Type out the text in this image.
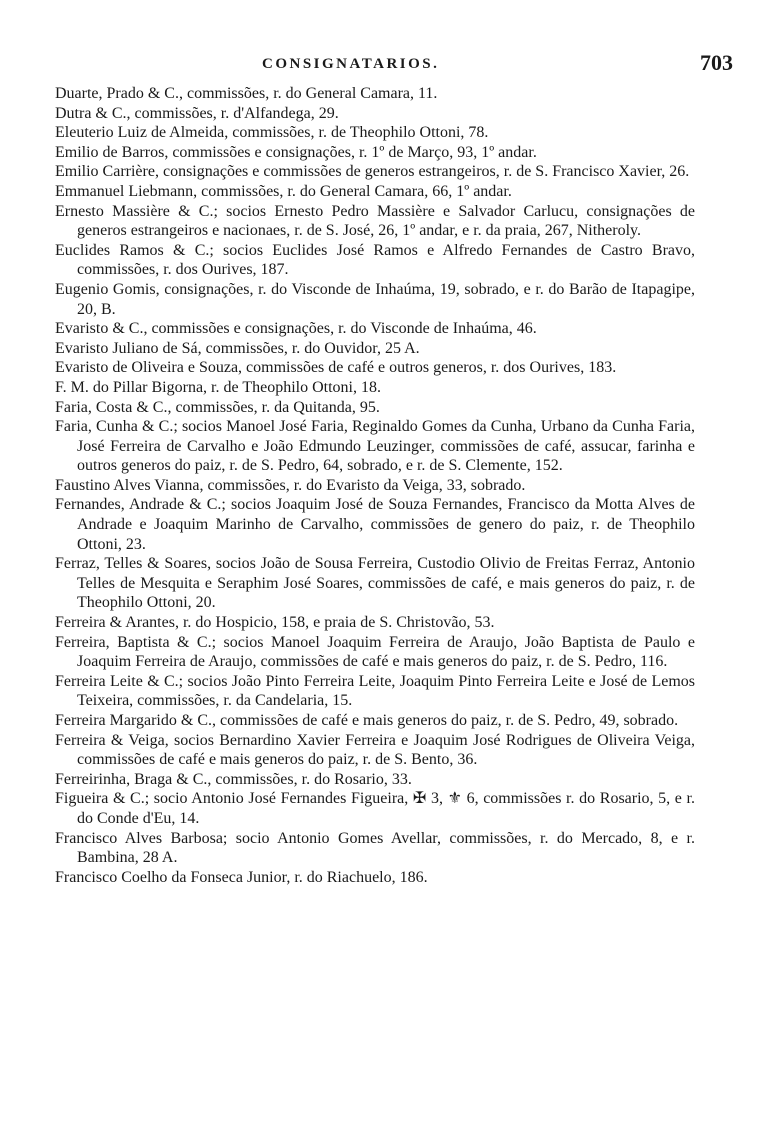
CONSIGNATARIOS.	703
Duarte, Prado & C., commissões, r. do General Camara, 11.
Dutra & C., commissões, r. d'Alfandega, 29.
Eleuterio Luiz de Almeida, commissões, r. de Theophilo Ottoni, 78.
Emilio de Barros, commissões e consignações, r. 1º de Março, 93, 1º andar.
Emilio Carrière, consignações e commissões de generos estrangeiros, r. de S. Francisco Xavier, 26.
Emmanuel Liebmann, commissões, r. do General Camara, 66, 1º andar.
Ernesto Massière & C.; socios Ernesto Pedro Massière e Salvador Carlucu, consignações de generos estrangeiros e nacionaes, r. de S. José, 26, 1º andar, e r. da praia, 267, Nitheroly.
Euclides Ramos & C.; socios Euclides José Ramos e Alfredo Fernandes de Castro Bravo, commissões, r. dos Ourives, 187.
Eugenio Gomis, consignações, r. do Visconde de Inhaúma, 19, sobrado, e r. do Barão de Itapagipe, 20, B.
Evaristo & C., commissões e consignações, r. do Visconde de Inhaúma, 46.
Evaristo Juliano de Sá, commissões, r. do Ouvidor, 25 A.
Evaristo de Oliveira e Souza, commissões de café e outros generos, r. dos Ourives, 183.
F. M. do Pillar Bigorna, r. de Theophilo Ottoni, 18.
Faria, Costa & C., commissões, r. da Quitanda, 95.
Faria, Cunha & C.; socios Manoel José Faria, Reginaldo Gomes da Cunha, Urbano da Cunha Faria, José Ferreira de Carvalho e João Edmundo Leuzinger, commissões de café, assucar, farinha e outros generos do paiz, r. de S. Pedro, 64, sobrado, e r. de S. Clemente, 152.
Faustino Alves Vianna, commissões, r. do Evaristo da Veiga, 33, sobrado.
Fernandes, Andrade & C.; socios Joaquim José de Souza Fernandes, Francisco da Motta Alves de Andrade e Joaquim Marinho de Carvalho, commissões de genero do paiz, r. de Theophilo Ottoni, 23.
Ferraz, Telles & Soares, socios João de Sousa Ferreira, Custodio Olivio de Freitas Ferraz, Antonio Telles de Mesquita e Seraphim José Soares, commissões de café, e mais generos do paiz, r. de Theophilo Ottoni, 20.
Ferreira & Arantes, r. do Hospicio, 158, e praia de S. Christovão, 53.
Ferreira, Baptista & C.; socios Manoel Joaquim Ferreira de Araujo, João Baptista de Paulo e Joaquim Ferreira de Araujo, commissões de café e mais generos do paiz, r. de S. Pedro, 116.
Ferreira Leite & C.; socios João Pinto Ferreira Leite, Joaquim Pinto Ferreira Leite e José de Lemos Teixeira, commissões, r. da Candelaria, 15.
Ferreira Margarido & C., commissões de café e mais generos do paiz, r. de S. Pedro, 49, sobrado.
Ferreira & Veiga, socios Bernardino Xavier Ferreira e Joaquim José Rodrigues de Oliveira Veiga, commissões de café e mais generos do paiz, r. de S. Bento, 36.
Ferreirinha, Braga & C., commissões, r. do Rosario, 33.
Figueira & C.; socio Antonio José Fernandes Figueira, ✠ 3, ⚜ 6, commissões r. do Rosario, 5, e r. do Conde d'Eu, 14.
Francisco Alves Barbosa; socio Antonio Gomes Avellar, commissões, r. do Mercado, 8, e r. Bambina, 28 A.
Francisco Coelho da Fonseca Junior, r. do Riachuelo, 186.
